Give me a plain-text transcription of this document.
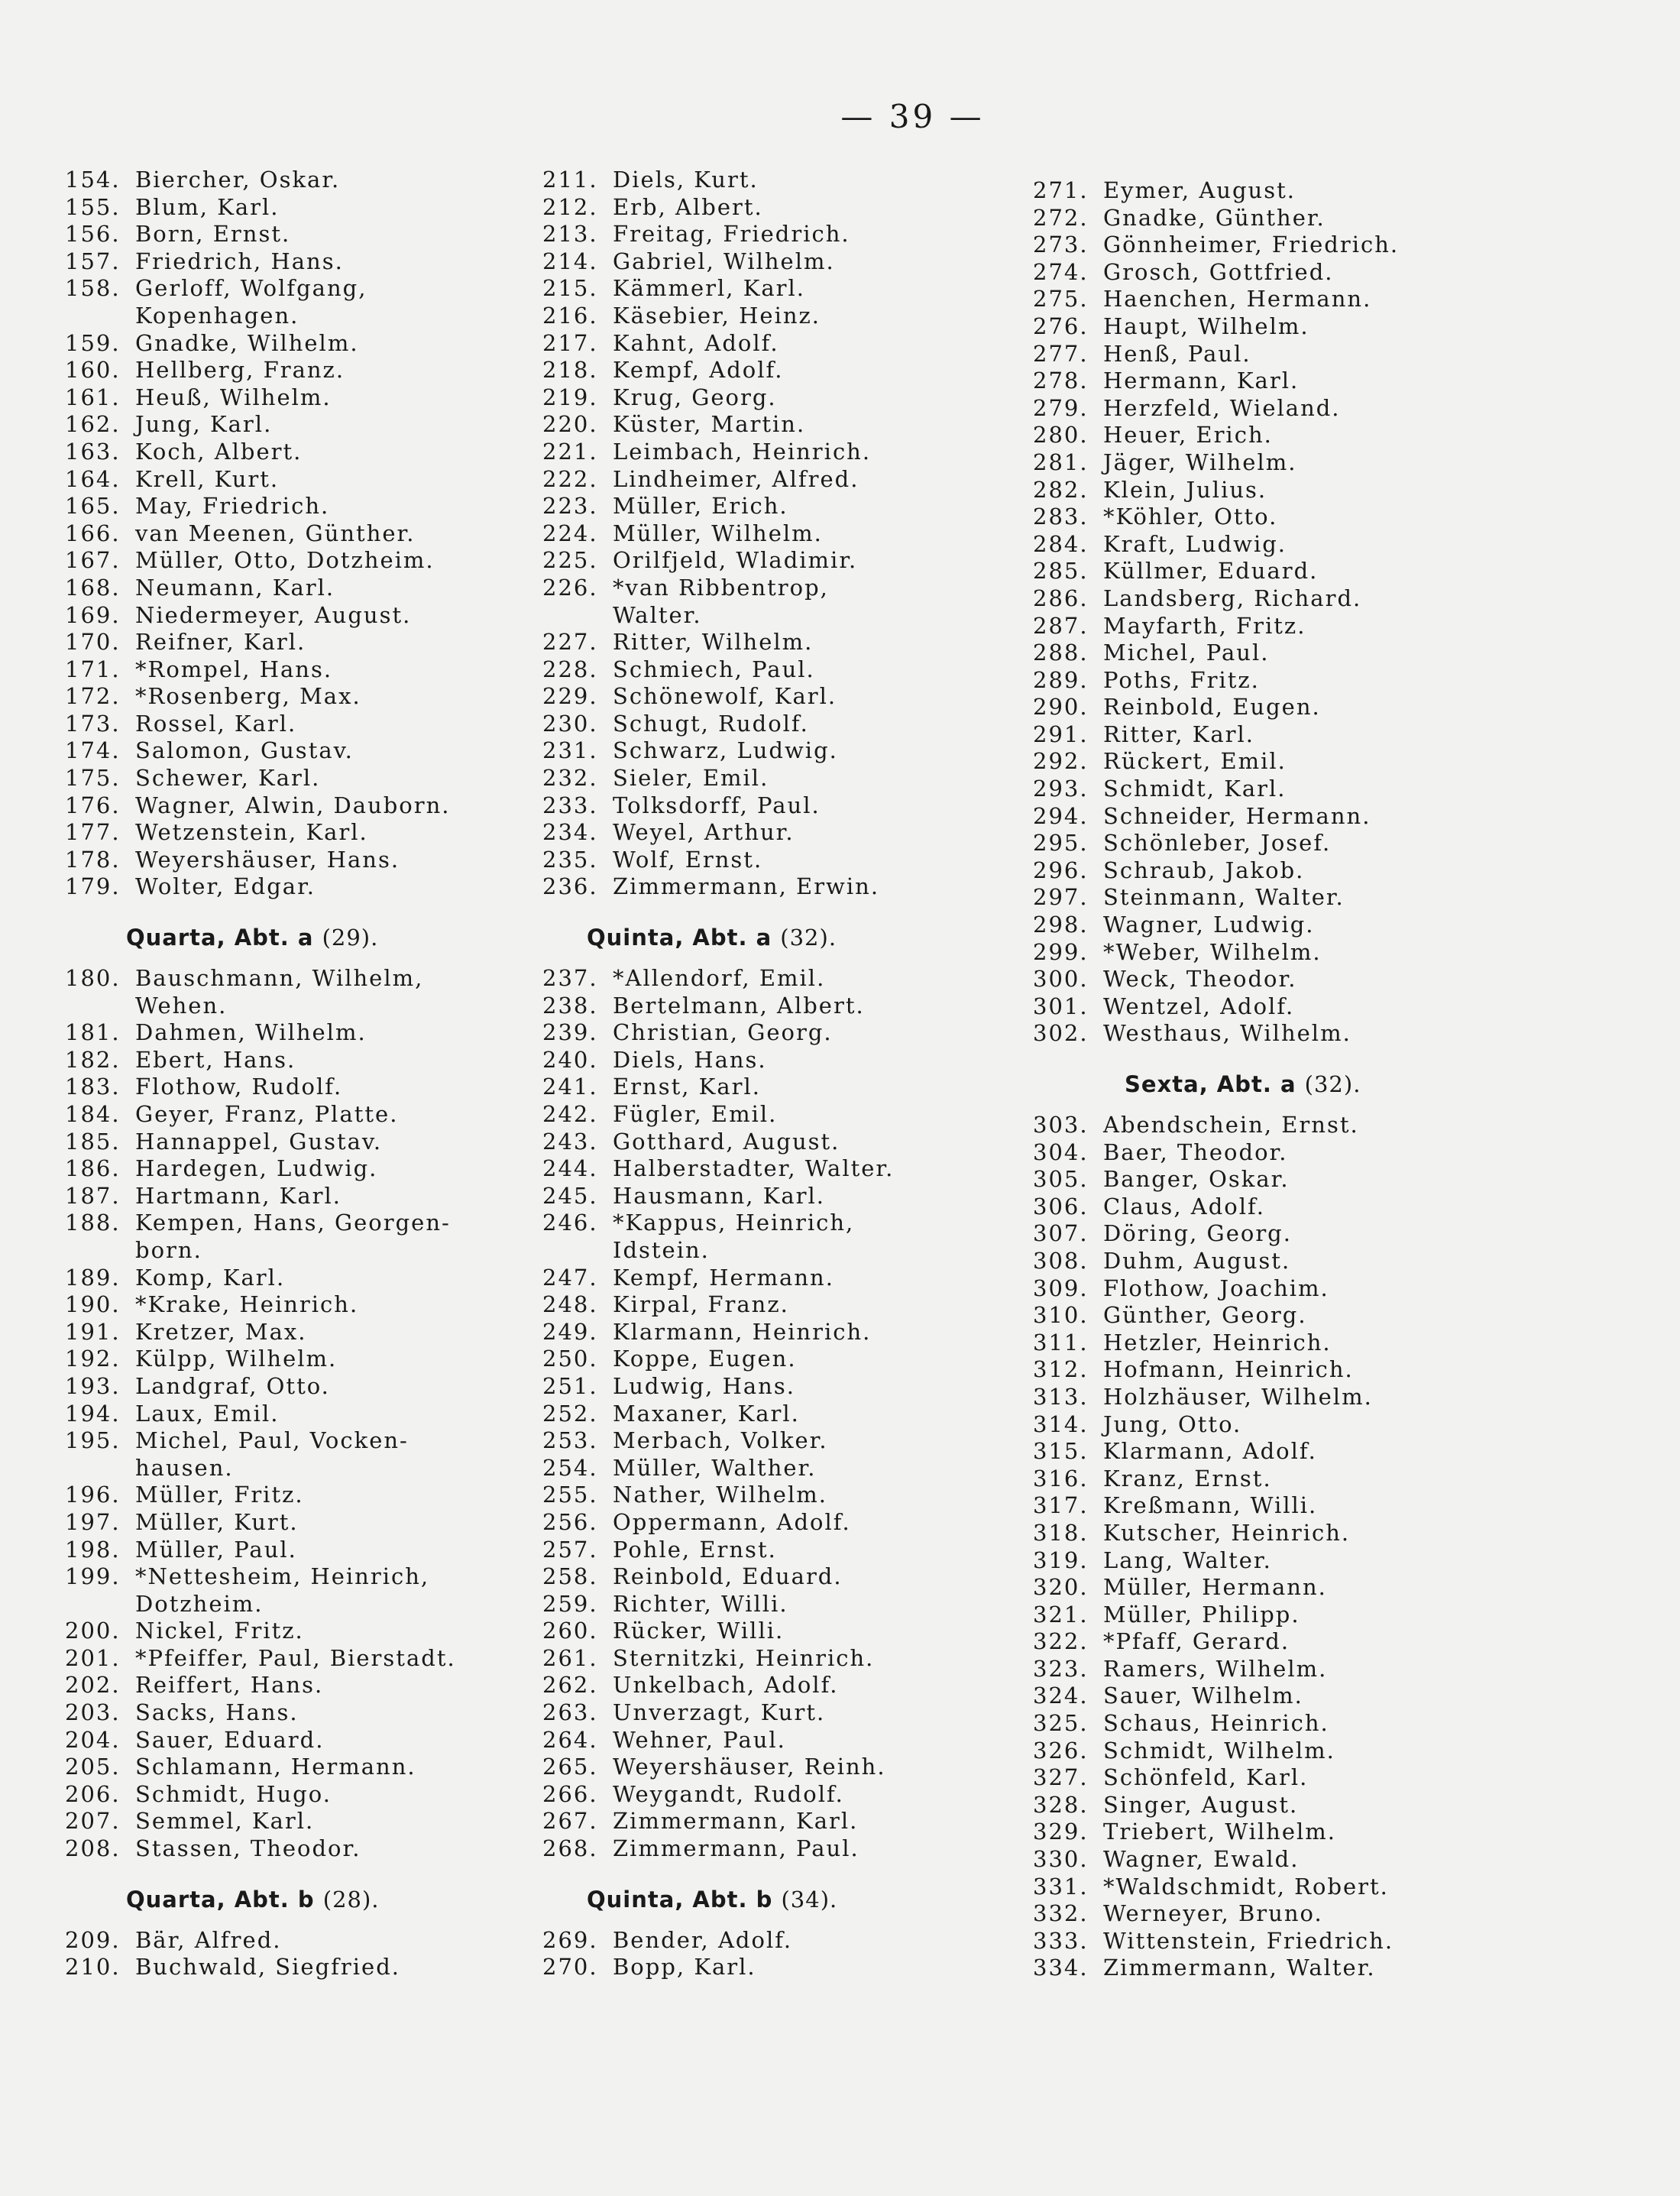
— 39 —
154. Biercher, Oskar.
155. Blum, Karl.
156. Born, Ernst.
157. Friedrich, Hans.
158. Gerloff, Wolfgang,
Kopenhagen.
159. Gnadke, Wilhelm.
160. Hellberg, Franz.
161. Heuß, Wilhelm.
162. Jung, Karl.
163. Koch, Albert.
164. Krell, Kurt.
165. May, Friedrich.
166. van Meenen, Günther.
167. Müller, Otto, Dotzheim.
168. Neumann, Karl.
169. Niedermeyer, August.
170. Reifner, Karl.
171. *Rompel, Hans.
172. *Rosenberg, Max.
173. Rossel, Karl.
174. Salomon, Gustav.
175. Schewer, Karl.
176. Wagner, Alwin, Dauborn.
177. Wetzenstein, Karl.
178. Weyershäuser, Hans.
179. Wolter, Edgar.
Quarta, Abt. a (29).
180. Bauschmann, Wilhelm,
Wehen.
181. Dahmen, Wilhelm.
182. Ebert, Hans.
183. Flothow, Rudolf.
184. Geyer, Franz, Platte.
185. Hannappel, Gustav.
186. Hardegen, Ludwig.
187. Hartmann, Karl.
188. Kempen, Hans, Georgen-
born.
189. Komp, Karl.
190. *Krake, Heinrich.
191. Kretzer, Max.
192. Külpp, Wilhelm.
193. Landgraf, Otto.
194. Laux, Emil.
195. Michel, Paul, Vocken-
hausen.
196. Müller, Fritz.
197. Müller, Kurt.
198. Müller, Paul.
199. *Nettesheim, Heinrich,
Dotzheim.
200. Nickel, Fritz.
201. *Pfeiffer, Paul, Bierstadt.
202. Reiffert, Hans.
203. Sacks, Hans.
204. Sauer, Eduard.
205. Schlamann, Hermann.
206. Schmidt, Hugo.
207. Semmel, Karl.
208. Stassen, Theodor.
Quarta, Abt. b (28).
209. Bär, Alfred.
210. Buchwald, Siegfried.
211. Diels, Kurt.
212. Erb, Albert.
213. Freitag, Friedrich.
214. Gabriel, Wilhelm.
215. Kämmerl, Karl.
216. Käsebier, Heinz.
217. Kahnt, Adolf.
218. Kempf, Adolf.
219. Krug, Georg.
220. Küster, Martin.
221. Leimbach, Heinrich.
222. Lindheimer, Alfred.
223. Müller, Erich.
224. Müller, Wilhelm.
225. Orilfjeld, Wladimir.
226. *van Ribbentrop,
Walter.
227. Ritter, Wilhelm.
228. Schmiech, Paul.
229. Schönewolf, Karl.
230. Schugt, Rudolf.
231. Schwarz, Ludwig.
232. Sieler, Emil.
233. Tolksdorff, Paul.
234. Weyel, Arthur.
235. Wolf, Ernst.
236. Zimmermann, Erwin.
Quinta, Abt. a (32).
237. *Allendorf, Emil.
238. Bertelmann, Albert.
239. Christian, Georg.
240. Diels, Hans.
241. Ernst, Karl.
242. Fügler, Emil.
243. Gotthard, August.
244. Halberstadter, Walter.
245. Hausmann, Karl.
246. *Kappus, Heinrich,
Idstein.
247. Kempf, Hermann.
248. Kirpal, Franz.
249. Klarmann, Heinrich.
250. Koppe, Eugen.
251. Ludwig, Hans.
252. Maxaner, Karl.
253. Merbach, Volker.
254. Müller, Walther.
255. Nather, Wilhelm.
256. Oppermann, Adolf.
257. Pohle, Ernst.
258. Reinbold, Eduard.
259. Richter, Willi.
260. Rücker, Willi.
261. Sternitzki, Heinrich.
262. Unkelbach, Adolf.
263. Unverzagt, Kurt.
264. Wehner, Paul.
265. Weyershäuser, Reinh.
266. Weygandt, Rudolf.
267. Zimmermann, Karl.
268. Zimmermann, Paul.
Quinta, Abt. b (34).
269. Bender, Adolf.
270. Bopp, Karl.
271. Eymer, August.
272. Gnadke, Günther.
273. Gönnheimer, Friedrich.
274. Grosch, Gottfried.
275. Haenchen, Hermann.
276. Haupt, Wilhelm.
277. Henß, Paul.
278. Hermann, Karl.
279. Herzfeld, Wieland.
280. Heuer, Erich.
281. Jäger, Wilhelm.
282. Klein, Julius.
283. *Köhler, Otto.
284. Kraft, Ludwig.
285. Küllmer, Eduard.
286. Landsberg, Richard.
287. Mayfarth, Fritz.
288. Michel, Paul.
289. Poths, Fritz.
290. Reinbold, Eugen.
291. Ritter, Karl.
292. Rückert, Emil.
293. Schmidt, Karl.
294. Schneider, Hermann.
295. Schönleber, Josef.
296. Schraub, Jakob.
297. Steinmann, Walter.
298. Wagner, Ludwig.
299. *Weber, Wilhelm.
300. Weck, Theodor.
301. Wentzel, Adolf.
302. Westhaus, Wilhelm.
Sexta, Abt. a (32).
303. Abendschein, Ernst.
304. Baer, Theodor.
305. Banger, Oskar.
306. Claus, Adolf.
307. Döring, Georg.
308. Duhm, August.
309. Flothow, Joachim.
310. Günther, Georg.
311. Hetzler, Heinrich.
312. Hofmann, Heinrich.
313. Holzhäuser, Wilhelm.
314. Jung, Otto.
315. Klarmann, Adolf.
316. Kranz, Ernst.
317. Kreßmann, Willi.
318. Kutscher, Heinrich.
319. Lang, Walter.
320. Müller, Hermann.
321. Müller, Philipp.
322. *Pfaff, Gerard.
323. Ramers, Wilhelm.
324. Sauer, Wilhelm.
325. Schaus, Heinrich.
326. Schmidt, Wilhelm.
327. Schönfeld, Karl.
328. Singer, August.
329. Triebert, Wilhelm.
330. Wagner, Ewald.
331. *Waldschmidt, Robert.
332. Werneyer, Bruno.
333. Wittenstein, Friedrich.
334. Zimmermann, Walter.
